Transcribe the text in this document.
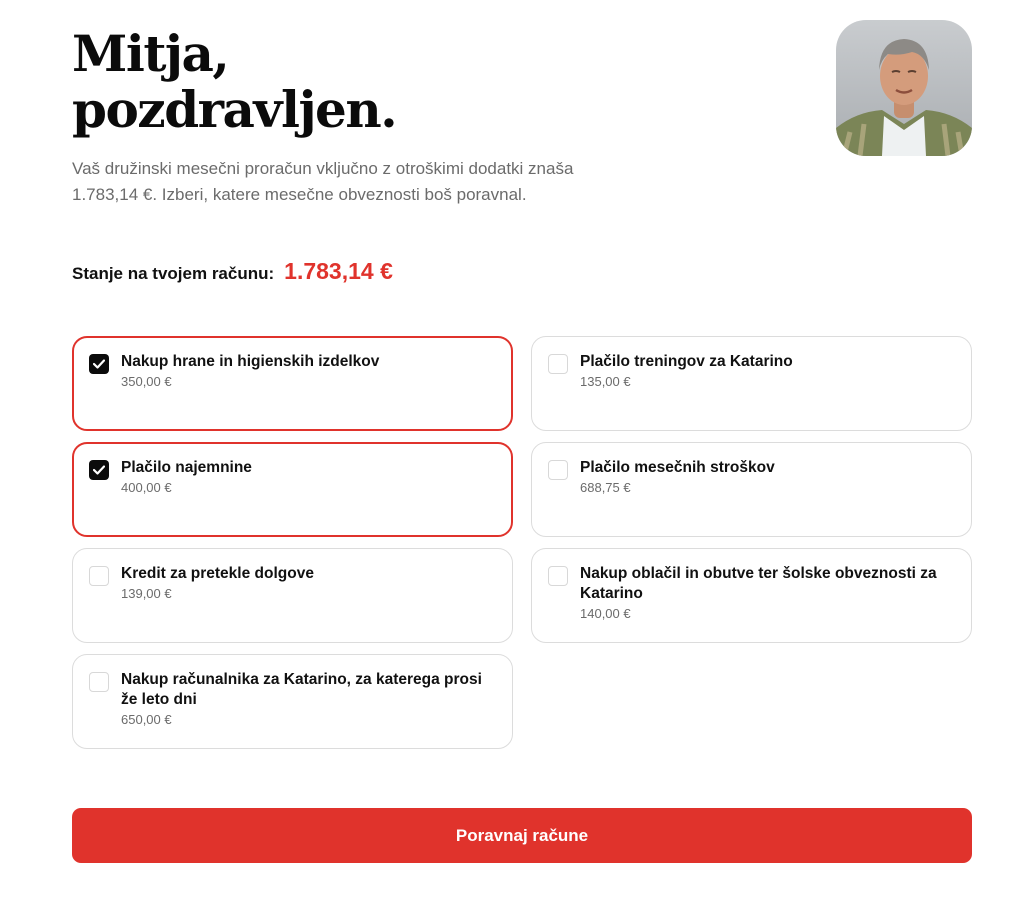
Mitja,
pozdravljen.

Vaš družinski mesečni proračun vključno z otroškimi dodatki znaša 1.783,14 €. Izberi, katere mesečne obveznosti boš poravnal.

Stanje na tvojem računu: 1.783,14 €
Nakup hrane in higienskih izdelkov
350,00 €
Plačilo treningov za Katarino
135,00 €
Plačilo najemnine
400,00 €
Plačilo mesečnih stroškov
688,75 €
Kredit za pretekle dolgove
139,00 €
Nakup oblačil in obutve ter šolske obveznosti za Katarino
140,00 €
Nakup računalnika za Katarino, za katerega prosi že leto dni
650,00 €
Poravnaj račune
